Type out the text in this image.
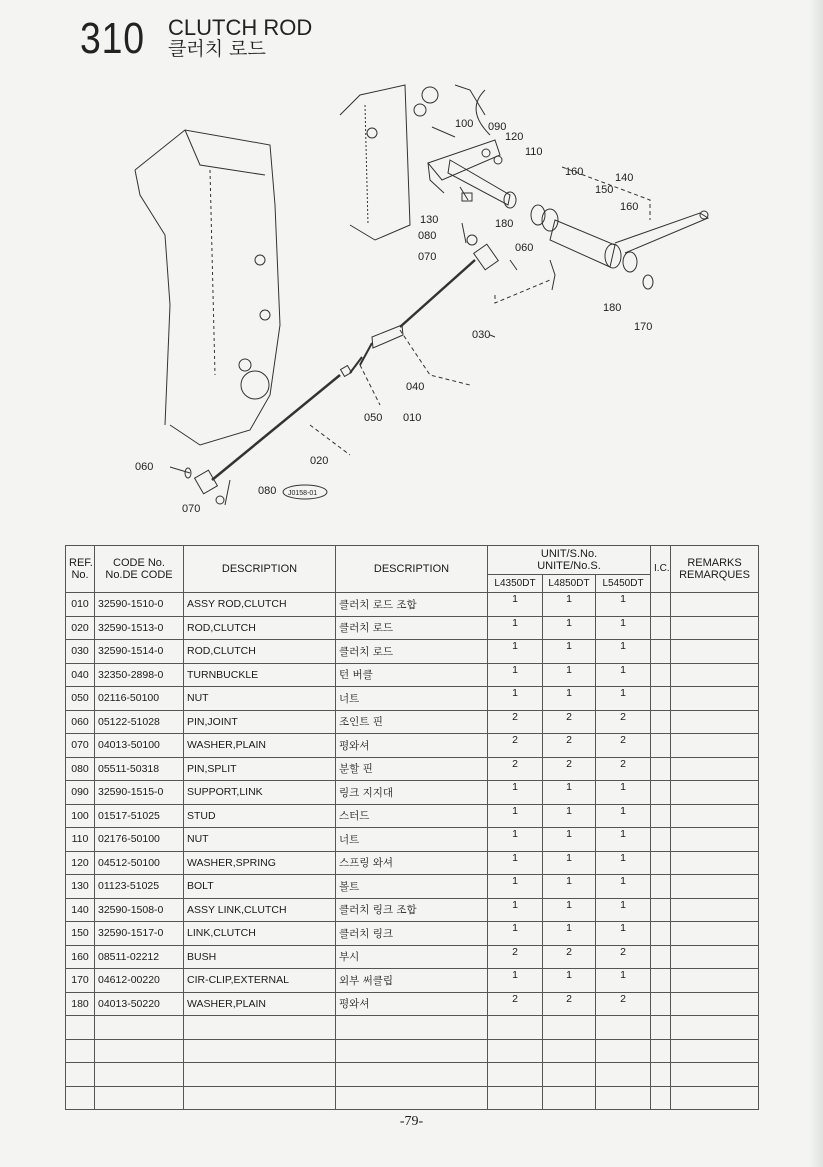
310 CLUTCH ROD
클러치 로드
100 090
120
110
160	140
150
160
130	180
080
060
070
180
170
030
040
050 010
020
060
080
070
J0158-01
REF.
No.	CODE No.
No.DE CODE	DESCRIPTION	DESCRIPTION	UNIT/S.No.
UNITE/No.S.			I.C.	REMARKS
REMARQUES
				L4350DT	L4850DT	L5450DT		
010	32590-1510-0	ASSY ROD,CLUTCH	클러치 로드 조합	1	1	1		
020	32590-1513-0	ROD,CLUTCH	클러치 로드	1	1	1		
030	32590-1514-0	ROD,CLUTCH	클러치 로드	1	1	1		
040	32350-2898-0	TURNBUCKLE	턴 버클	1	1	1		
050	02116-50100	NUT	너트	1	1	1		
060	05122-51028	PIN,JOINT	조인트 핀	2	2	2		
070	04013-50100	WASHER,PLAIN	평와셔	2	2	2		
080	05511-50318	PIN,SPLIT	분할 핀	2	2	2		
090	32590-1515-0	SUPPORT,LINK	링크 지지대	1	1	1		
100	01517-51025	STUD	스터드	1	1	1		
110	02176-50100	NUT	너트	1	1	1		
120	04512-50100	WASHER,SPRING	스프링 와셔	1	1	1		
130	01123-51025	BOLT	볼트	1	1	1		
140	32590-1508-0	ASSY LINK,CLUTCH	클러치 링크 조합	1	1	1		
150	32590-1517-0	LINK,CLUTCH	클러치 링크	1	1	1		
160	08511-02212	BUSH	부시	2	2	2		
170	04612-00220	CIR-CLIP,EXTERNAL	외부 써클립	1	1	1		
180	04013-50220	WASHER,PLAIN	평와셔	2	2	2		

-79-
